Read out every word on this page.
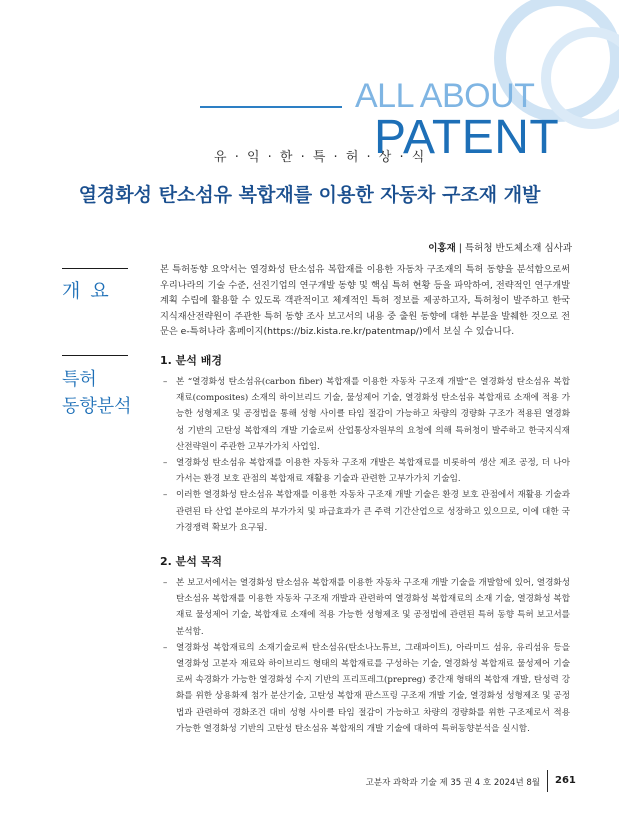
ALL ABOUT
PATENT
유 · 익 · 한 · 특 · 허 · 상 · 식
열경화성 탄소섬유 복합재를 이용한 자동차 구조재 개발
이홍재 | 특허청 반도체소재 심사과
개 요
특허
동향분석
본 특허동향 요약서는 열경화성 탄소섬유 복합재를 이용한 자동차 구조재의 특허 동향을 분석함으로써 우리나라의 기술 수준, 선진기업의 연구개발 동향 및 핵심 특허 현황 등을 파악하여, 전략적인 연구개발 계획 수립에 활용할 수 있도록 객관적이고 체계적인 특허 정보를 제공하고자, 특허청이 발주하고 한국지식재산전략원이 주관한 특허 동향 조사 보고서의 내용 중 출원 동향에 대한 부분을 발췌한 것으로 전문은 e-특허나라 홈페이지(https://biz.kista.re.kr/patentmap/)에서 보실 수 있습니다.
1. 분석 배경
– 본 “열경화성 탄소섬유(carbon fiber) 복합재를 이용한 자동차 구조재 개발”은 열경화성 탄소섬유 복합재료(composites) 소재의 하이브리드 기술, 물성제어 기술, 열경화성 탄소섬유 복합재료 소재에 적용 가능한 성형제조 및 공정법을 통해 성형 사이클 타임 절감이 가능하고 차량의 경량화 구조가 적용된 열경화성 기반의 고탄성 복합재의 개발 기술로써 산업통상자원부의 요청에 의해 특허청이 발주하고 한국지식재산전략원이 주관한 고부가가치 사업임.
– 열경화성 탄소섬유 복합재를 이용한 자동차 구조재 개발은 복합재료를 비롯하여 생산 제조 공정, 더 나아가서는 환경 보호 관점의 복합재료 재활용 기술과 관련한 고부가가치 기술임.
– 이러한 열경화성 탄소섬유 복합재를 이용한 자동차 구조재 개발 기술은 환경 보호 관점에서 재활용 기술과 관련된 타 산업 분야로의 부가가치 및 파급효과가 큰 주력 기간산업으로 성장하고 있으므로, 이에 대한 국가경쟁력 확보가 요구됨.
2. 분석 목적
– 본 보고서에서는 열경화성 탄소섬유 복합재를 이용한 자동차 구조재 개발 기술을 개발함에 있어, 열경화성 탄소섬유 복합재를 이용한 자동차 구조재 개발과 관련하여 열경화성 복합재료의 소재 기술, 열경화성 복합재료 물성제어 기술, 복합재료 소재에 적용 가능한 성형제조 및 공정법에 관련된 특허 동향 특허 보고서를 분석함.
– 열경화성 복합재료의 소재기술로써 탄소섬유(탄소나노튜브, 그래파이트), 아라미드 섬유, 유리섬유 등을 열경화성 고분자 재료와 하이브리드 형태의 복합재료를 구성하는 기술, 열경화성 복합재료 물성제어 기술로써 속경화가 가능한 열경화성 수지 기반의 프리프레그(prepreg) 중간재 형태의 복합재 개발, 탄성력 강화를 위한 상용화제 첨가 분산기술, 고탄성 복합재 판스프링 구조재 개발 기술, 열경화성 성형제조 및 공정법과 관련하여 경화조건 대비 성형 사이클 타임 절감이 가능하고 차량의 경량화를 위한 구조제로서 적용 가능한 열경화성 기반의 고탄성 탄소섬유 복합재의 개발 기술에 대하여 특허동향분석을 실시함.
고분자 과학과 기술 제 35 권 4 호 2024년 8월 261
